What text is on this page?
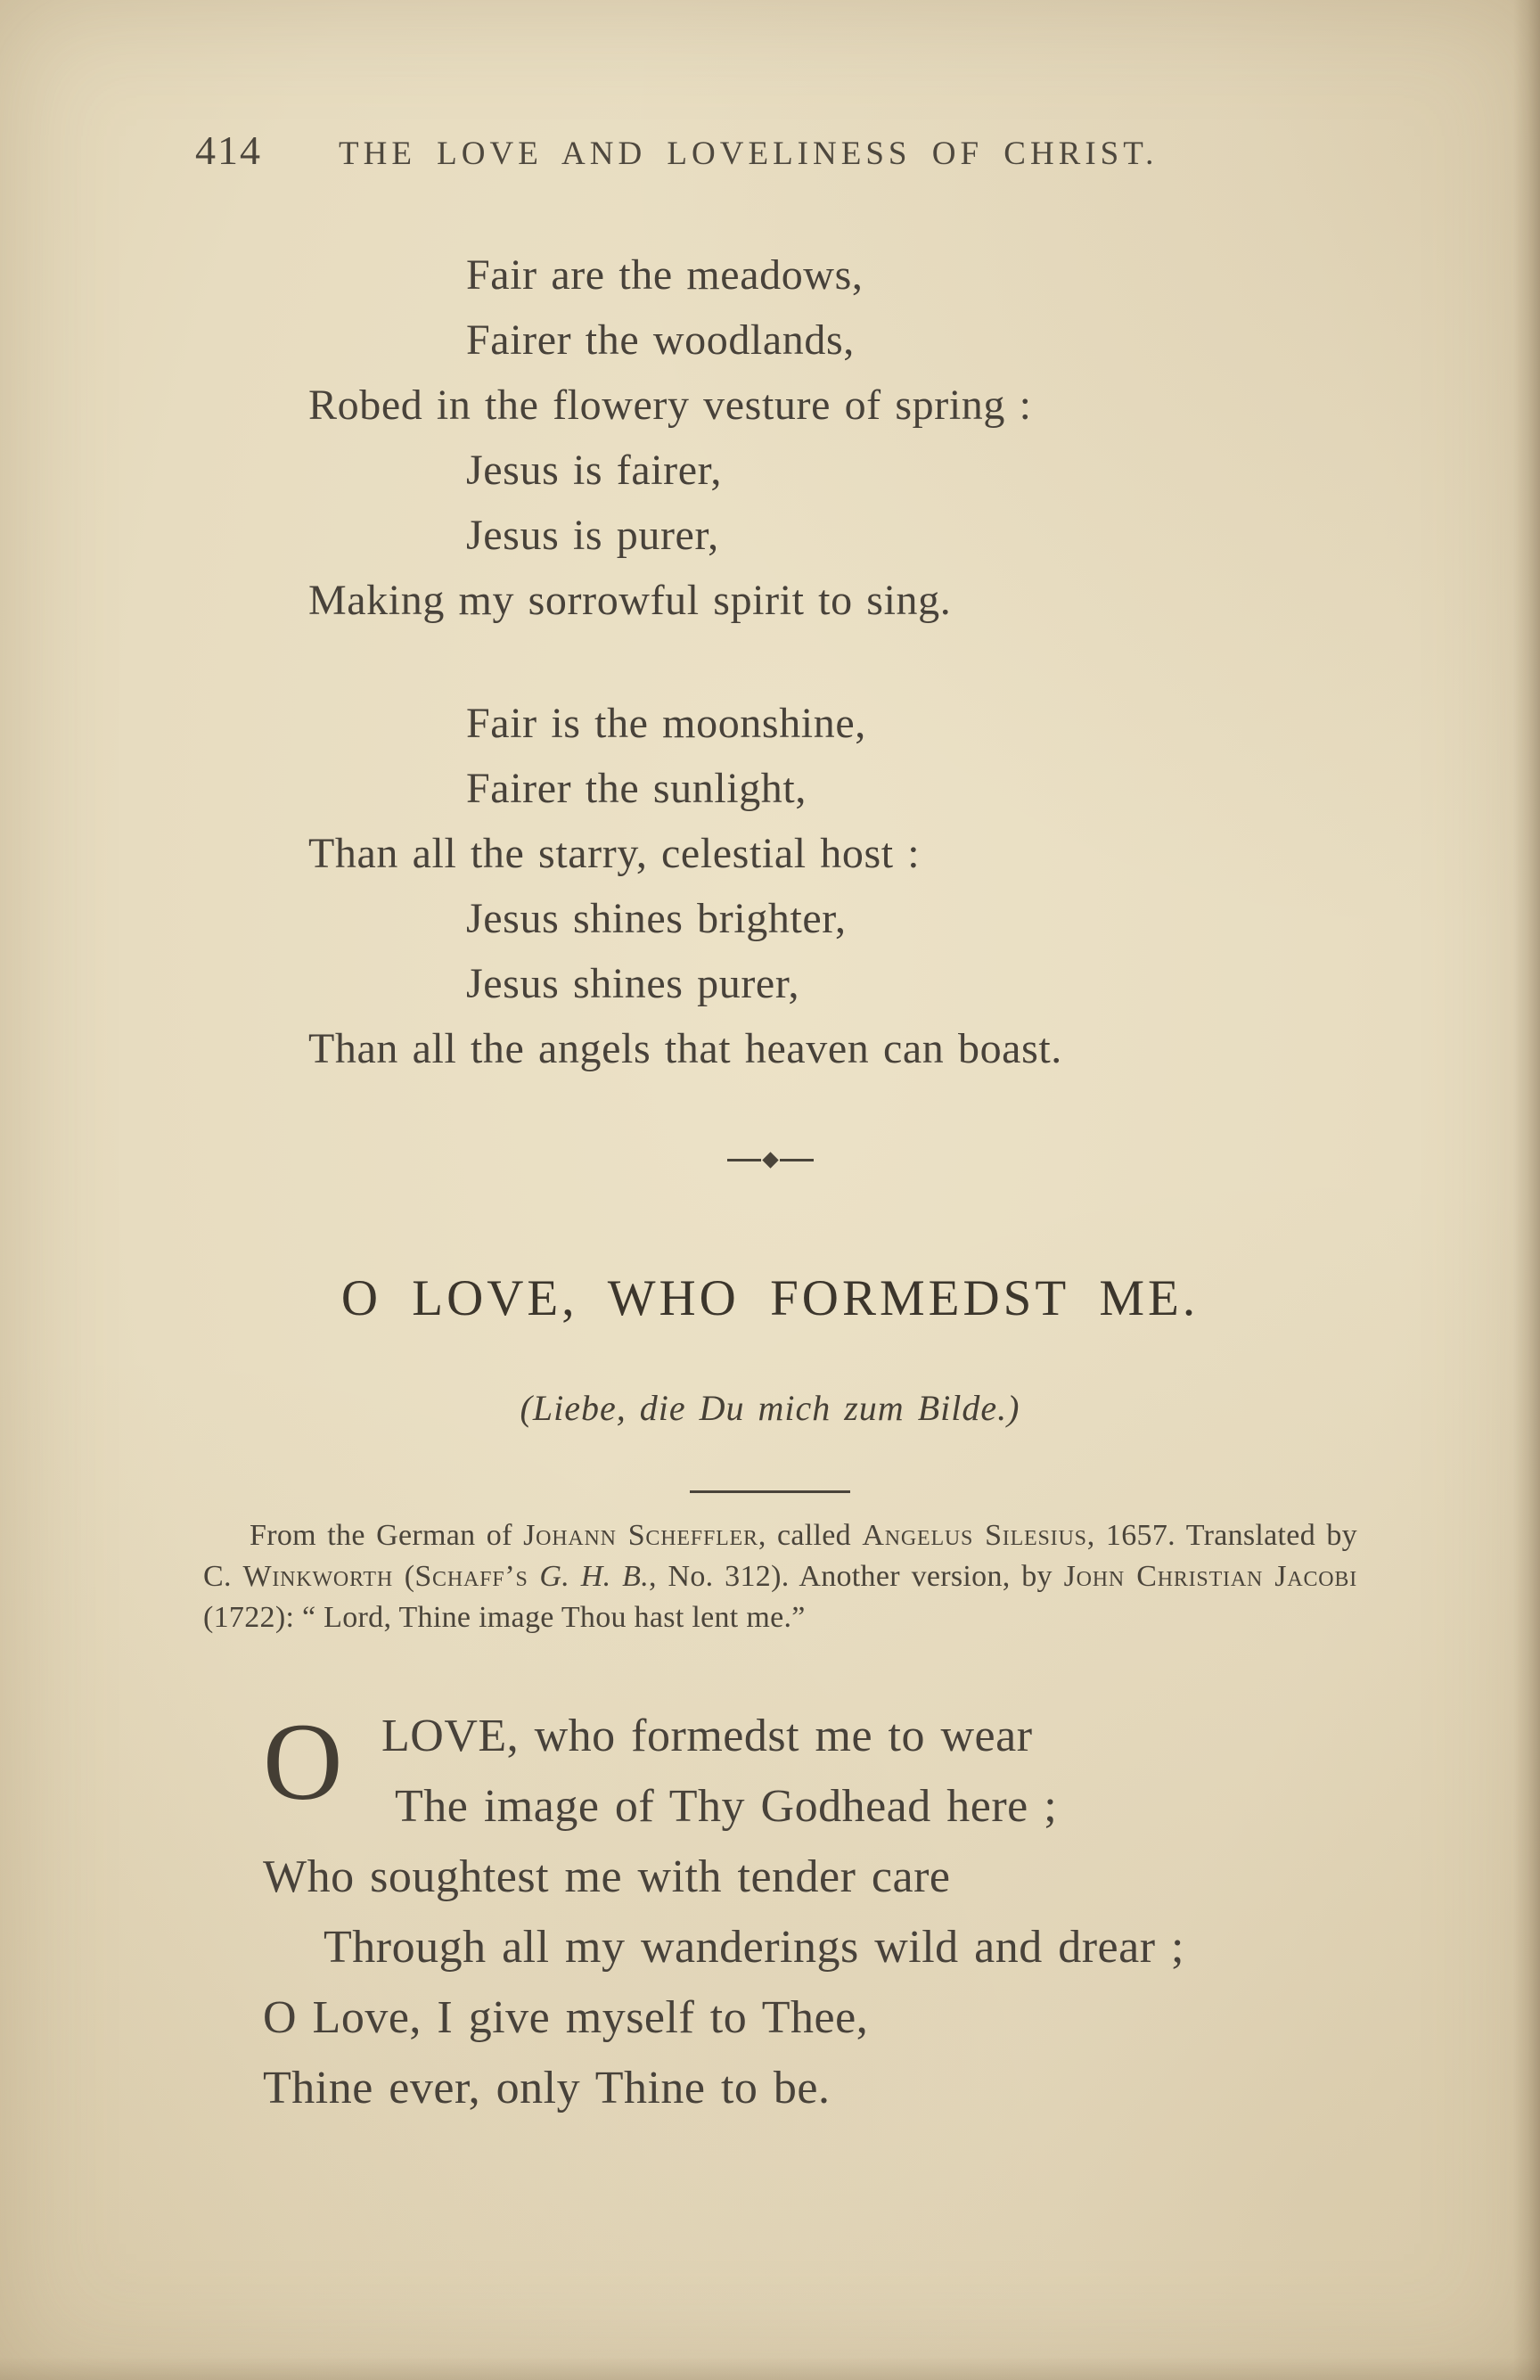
414 THE LOVE AND LOVELINESS OF CHRIST.
Fair are the meadows,
Fairer the woodlands,
Robed in the flowery vesture of spring :
Jesus is fairer,
Jesus is purer,
Making my sorrowful spirit to sing.
Fair is the moonshine,
Fairer the sunlight,
Than all the starry, celestial host :
Jesus shines brighter,
Jesus shines purer,
Than all the angels that heaven can boast.
O LOVE, WHO FORMEDST ME.
(Liebe, die Du mich zum Bilde.)

From the German of Johann Scheffler, called Angelus Silesius, 1657. Translated by C. Winkworth (Schaff’s G. H. B., No. 312). Another version, by John Christian Jacobi (1722): “ Lord, Thine image Thou hast lent me.”

O LOVE, who formedst me to wear
The image of Thy Godhead here ;
Who soughtest me with tender care
Through all my wanderings wild and drear ;
O Love, I give myself to Thee,
Thine ever, only Thine to be.
